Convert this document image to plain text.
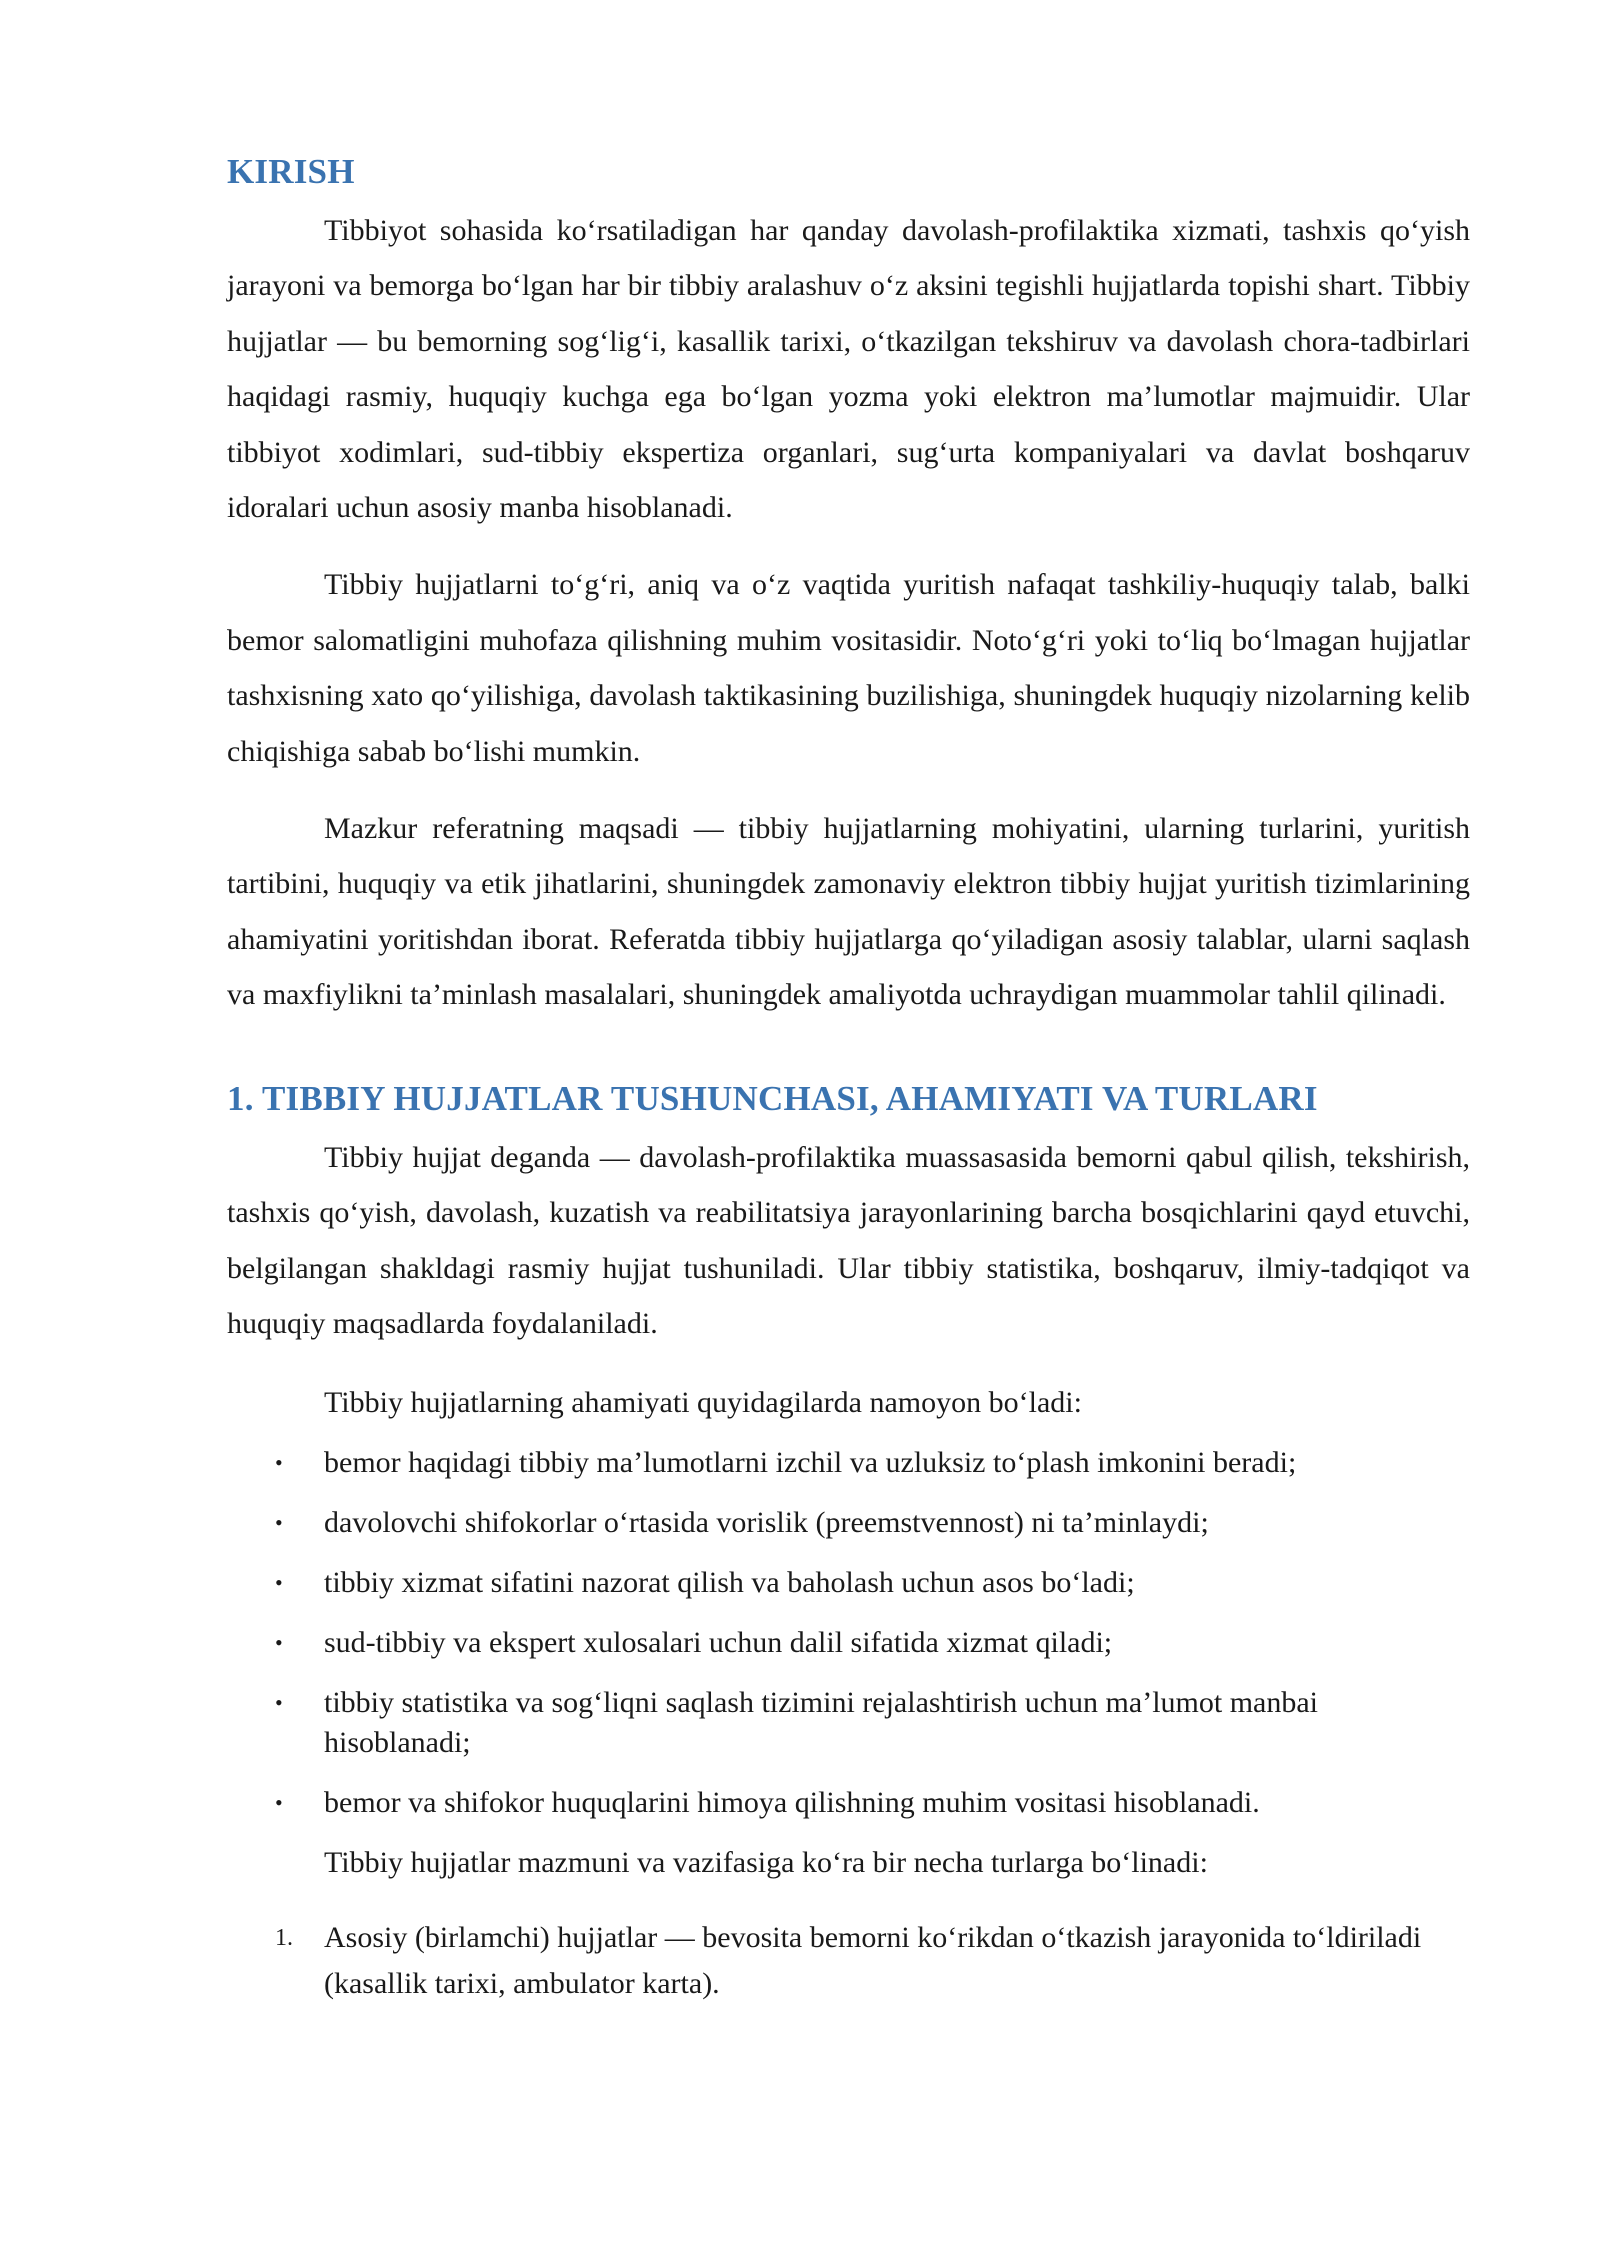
KIRISH

Tibbiyot sohasida ko‘rsatiladigan har qanday davolash-profilaktika xizmati, tashxis qo‘yish jarayoni va bemorga bo‘lgan har bir tibbiy aralashuv o‘z aksini tegishli hujjatlarda topishi shart. Tibbiy hujjatlar — bu bemorning sog‘lig‘i, kasallik tarixi, o‘tkazilgan tekshiruv va davolash chora-tadbirlari haqidagi rasmiy, huquqiy kuchga ega bo‘lgan yozma yoki elektron ma’lumotlar majmuidir. Ular tibbiyot xodimlari, sud-tibbiy ekspertiza organlari, sug‘urta kompaniyalari va davlat boshqaruv idoralari uchun asosiy manba hisoblanadi.

Tibbiy hujjatlarni to‘g‘ri, aniq va o‘z vaqtida yuritish nafaqat tashkiliy-huquqiy talab, balki bemor salomatligini muhofaza qilishning muhim vositasidir. Noto‘g‘ri yoki to‘liq bo‘lmagan hujjatlar tashxisning xato qo‘yilishiga, davolash taktikasining buzilishiga, shuningdek huquqiy nizolarning kelib chiqishiga sabab bo‘lishi mumkin.

Mazkur referatning maqsadi — tibbiy hujjatlarning mohiyatini, ularning turlarini, yuritish tartibini, huquqiy va etik jihatlarini, shuningdek zamonaviy elektron tibbiy hujjat yuritish tizimlarining ahamiyatini yoritishdan iborat. Referatda tibbiy hujjatlarga qo‘yiladigan asosiy talablar, ularni saqlash va maxfiylikni ta’minlash masalalari, shuningdek amaliyotda uchraydigan muammolar tahlil qilinadi.

1. TIBBIY HUJJATLAR TUSHUNCHASI, AHAMIYATI VA TURLARI

Tibbiy hujjat deganda — davolash-profilaktika muassasasida bemorni qabul qilish, tekshirish, tashxis qo‘yish, davolash, kuzatish va reabilitatsiya jarayonlarining barcha bosqichlarini qayd etuvchi, belgilangan shakldagi rasmiy hujjat tushuniladi. Ular tibbiy statistika, boshqaruv, ilmiy-tadqiqot va huquqiy maqsadlarda foydalaniladi.

Tibbiy hujjatlarning ahamiyati quyidagilarda namoyon bo‘ladi:

• bemor haqidagi tibbiy ma’lumotlarni izchil va uzluksiz to‘plash imkonini beradi;
• davolovchi shifokorlar o‘rtasida vorislik (preemstvennost) ni ta’minlaydi;
• tibbiy xizmat sifatini nazorat qilish va baholash uchun asos bo‘ladi;
• sud-tibbiy va ekspert xulosalari uchun dalil sifatida xizmat qiladi;
• tibbiy statistika va sog‘liqni saqlash tizimini rejalashtirish uchun ma’lumot manbai hisoblanadi;
• bemor va shifokor huquqlarini himoya qilishning muhim vositasi hisoblanadi.

Tibbiy hujjatlar mazmuni va vazifasiga ko‘ra bir necha turlarga bo‘linadi:

1. Asosiy (birlamchi) hujjatlar — bevosita bemorni ko‘rikdan o‘tkazish jarayonida to‘ldiriladi (kasallik tarixi, ambulator karta).
